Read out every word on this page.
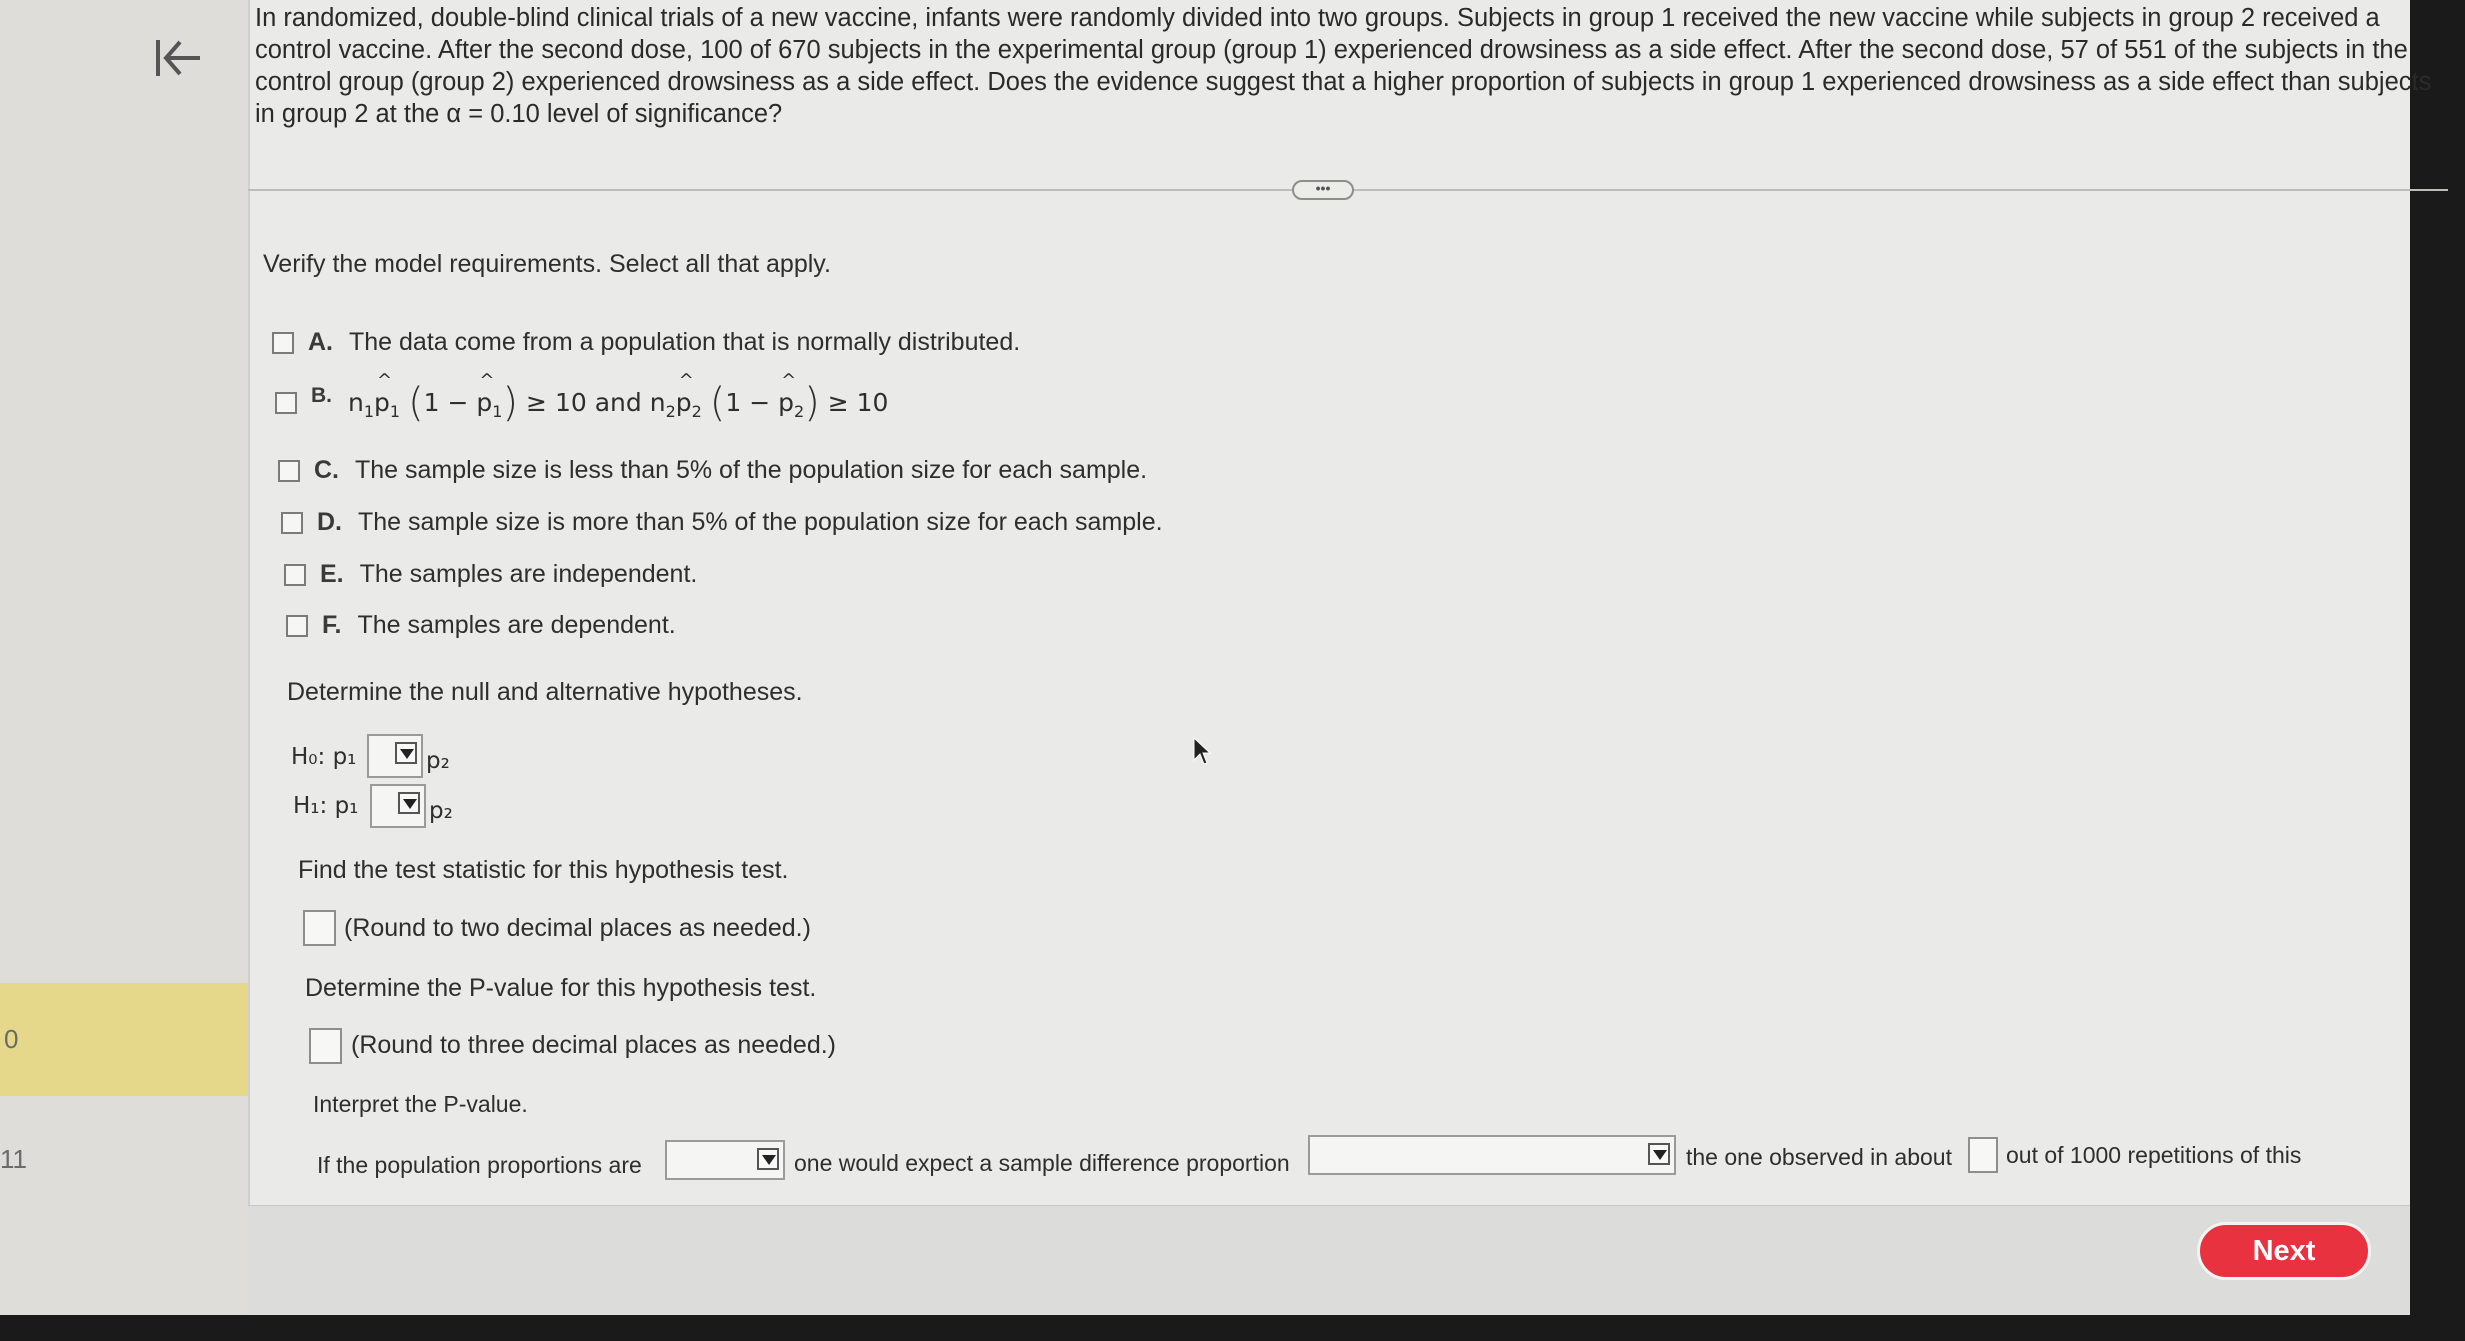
0
11
In randomized, double-blind clinical trials of a new vaccine, infants were randomly divided into two groups. Subjects in group 1 received the new vaccine while subjects in group 2 received a control vaccine. After the second dose, 100 of 670 subjects in the experimental group (group 1) experienced drowsiness as a side effect. After the second dose, 57 of 551 of the subjects in the control group (group 2) experienced drowsiness as a side effect. Does the evidence suggest that a higher proportion of subjects in group 1 experienced drowsiness as a side effect than subjects in group 2 at the α = 0.10 level of significance?
•••
Verify the model requirements. Select all that apply.
A. The data come from a population that is normally distributed.
B. $n_1\^{}$ $p_1$ (1 − ^ $p_1) \ge 10$ and $n_2\^{}$ $p_2$ (1 − ^ $p_2) \ge 10$
C. The sample size is less than 5% of the population size for each sample.
D. The sample size is more than 5% of the population size for each sample.
E. The samples are independent.
F. The samples are dependent.
Determine the null and alternative hypotheses.
H₀: p₁	p₂
H₁: p₁	p₂
Find the test statistic for this hypothesis test.
(Round to two decimal places as needed.)
Determine the P-value for this hypothesis test.
(Round to three decimal places as needed.)
Interpret the P-value.
If the population proportions are	one would expect a sample difference proportion	the one observed in about out of 1000 repetitions of this
Next
